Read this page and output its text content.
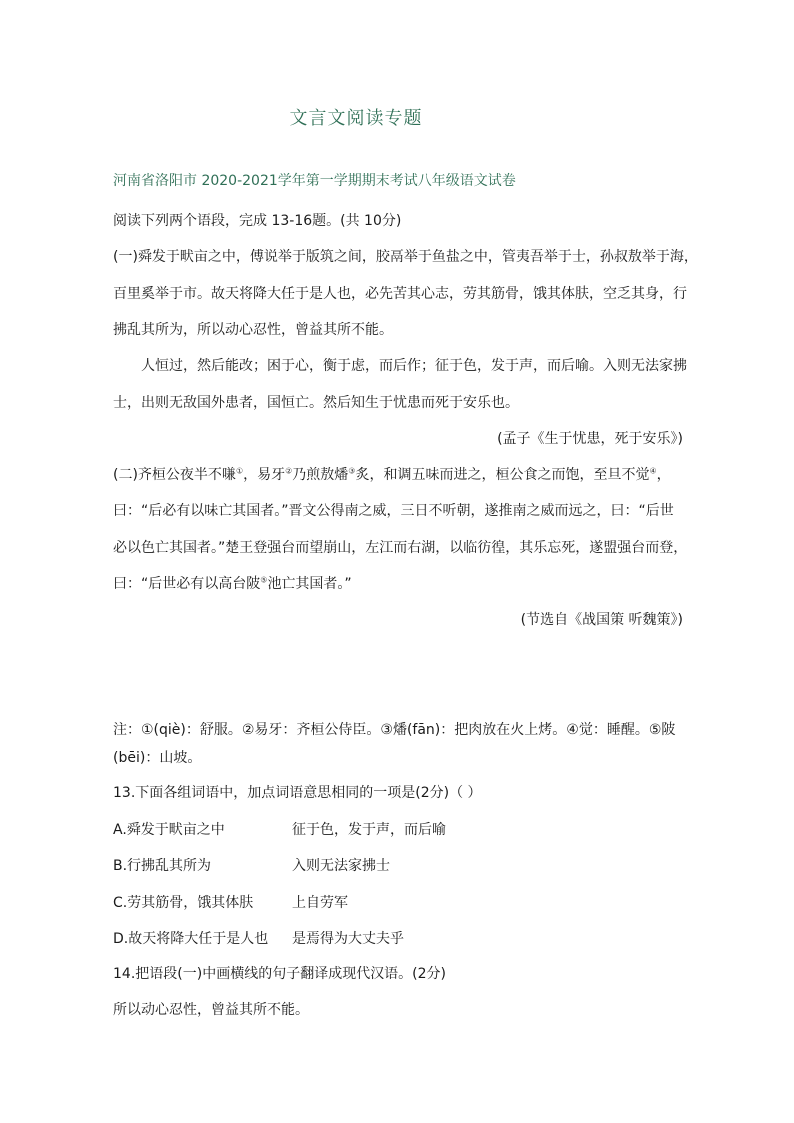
文言文阅读专题
河南省洛阳市 2020-2021学年第一学期期末考试八年级语文试卷
阅读下列两个语段，完成 13-16题。(共 10分)
(一)舜发于畎亩之中，傅说举于版筑之间，胶鬲举于鱼盐之中，管夷吾举于士，孙叔敖举于海，
百里奚举于市。故天将降大任于是人也，必先苦其心志，劳其筋骨，饿其体肤，空乏其身，行
拂乱其所为，所以动心忍性，曾益其所不能。
人恒过，然后能改；困于心，衡于虑，而后作；征于色，发于声，而后喻。入则无法家拂
士，出则无敌国外患者，国恒亡。然后知生于忧患而死于安乐也。
(孟子《生于忧患，死于安乐》)
(二)齐桓公夜半不嗛①，易牙②乃煎敖燔③炙，和调五味而进之，桓公食之而饱，至旦不觉④，
曰：“后必有以味亡其国者。”晋文公得南之威，三日不听朝，遂推南之威而远之，曰：“后世
必以色亡其国者。”楚王登强台而望崩山，左江而右湖，以临彷徨，其乐忘死，遂盟强台而登，
曰：“后世必有以高台陂⑤池亡其国者。”
(节选自《战国策 听魏策》)
注：①(qiè)：舒服。②易牙：齐桓公侍臣。③燔(fān)：把肉放在火上烤。④觉：睡醒。⑤陂
(bēi)：山坡。
13.下面各组词语中，加点词语意思相同的一项是(2分)（ ）
A.舜发于畎亩之中	征于色，发于声，而后喻
B.行拂乱其所为	入则无法家拂士
C.劳其筋骨，饿其体肤	上自劳军
D.故天将降大任于是人也 是焉得为大丈夫乎
14.把语段(一)中画横线的句子翻译成现代汉语。(2分)
所以动心忍性，曾益其所不能。
